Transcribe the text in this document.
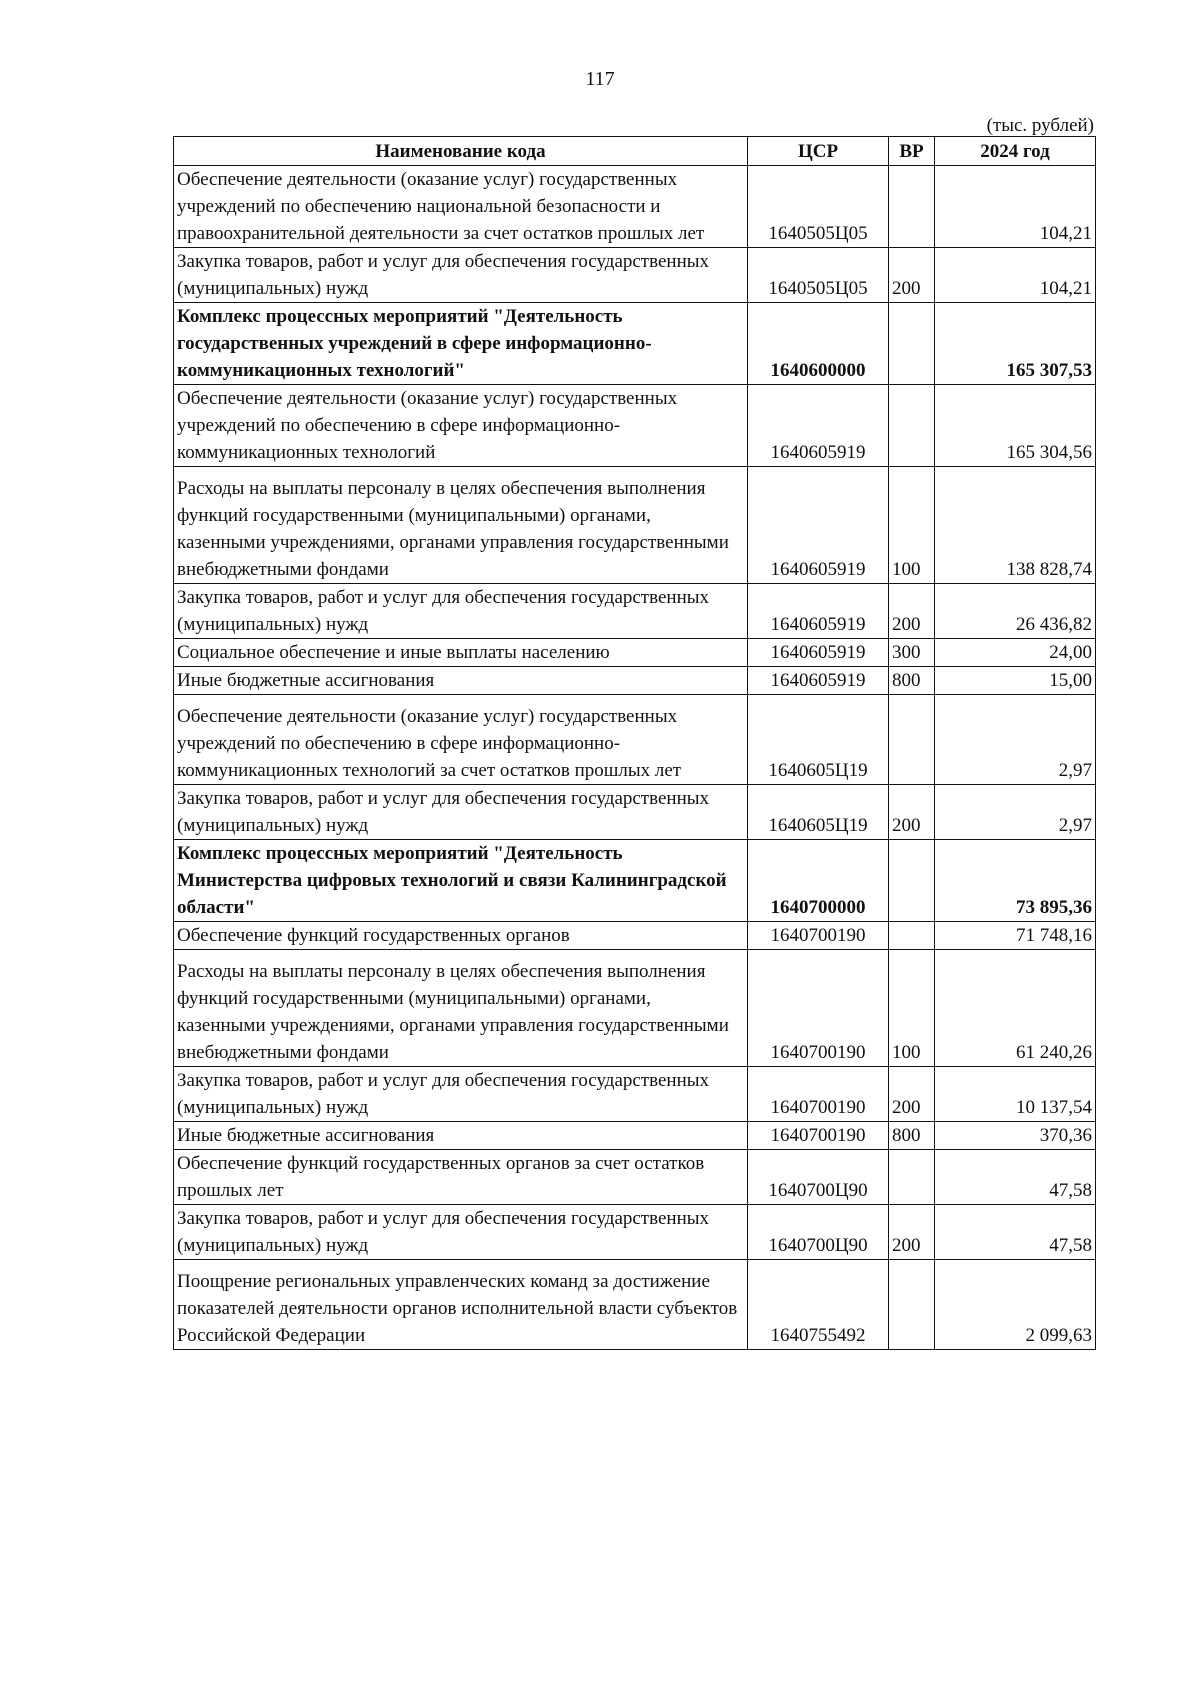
117
(тыс. рублей)
Наименование кода	ЦСР	ВР	2024 год
Обеспечение деятельности (оказание услуг) государственных учреждений по обеспечению национальной безопасности и правоохранительной деятельности за счет остатков прошлых лет	1640505Ц05		104,21
Закупка товаров, работ и услуг для обеспечения государственных (муниципальных) нужд	1640505Ц05	200	104,21
Комплекс процессных мероприятий "Деятельность государственных учреждений в сфере информационно-коммуникационных технологий"	1640600000		165 307,53
Обеспечение деятельности (оказание услуг) государственных учреждений по обеспечению в сфере информационно-коммуникационных технологий	1640605919		165 304,56
Расходы на выплаты персоналу в целях обеспечения выполнения функций государственными (муниципальными) органами, казенными учреждениями, органами управления государственными внебюджетными фондами	1640605919	100	138 828,74
Закупка товаров, работ и услуг для обеспечения государственных (муниципальных) нужд	1640605919	200	26 436,82
Социальное обеспечение и иные выплаты населению	1640605919	300	24,00
Иные бюджетные ассигнования	1640605919	800	15,00
Обеспечение деятельности (оказание услуг) государственных учреждений по обеспечению в сфере информационно-коммуникационных технологий за счет остатков прошлых лет	1640605Ц19		2,97
Закупка товаров, работ и услуг для обеспечения государственных (муниципальных) нужд	1640605Ц19	200	2,97
Комплекс процессных мероприятий "Деятельность Министерства цифровых технологий и связи Калининградской области"	1640700000		73 895,36
Обеспечение функций государственных органов	1640700190		71 748,16
Расходы на выплаты персоналу в целях обеспечения выполнения функций государственными (муниципальными) органами, казенными учреждениями, органами управления государственными внебюджетными фондами	1640700190	100	61 240,26
Закупка товаров, работ и услуг для обеспечения государственных (муниципальных) нужд	1640700190	200	10 137,54
Иные бюджетные ассигнования	1640700190	800	370,36
Обеспечение функций государственных органов за счет остатков прошлых лет	1640700Ц90		47,58
Закупка товаров, работ и услуг для обеспечения государственных (муниципальных) нужд	1640700Ц90	200	47,58
Поощрение региональных управленческих команд за достижение показателей деятельности органов исполнительной власти субъектов Российской Федерации	1640755492		2 099,63
